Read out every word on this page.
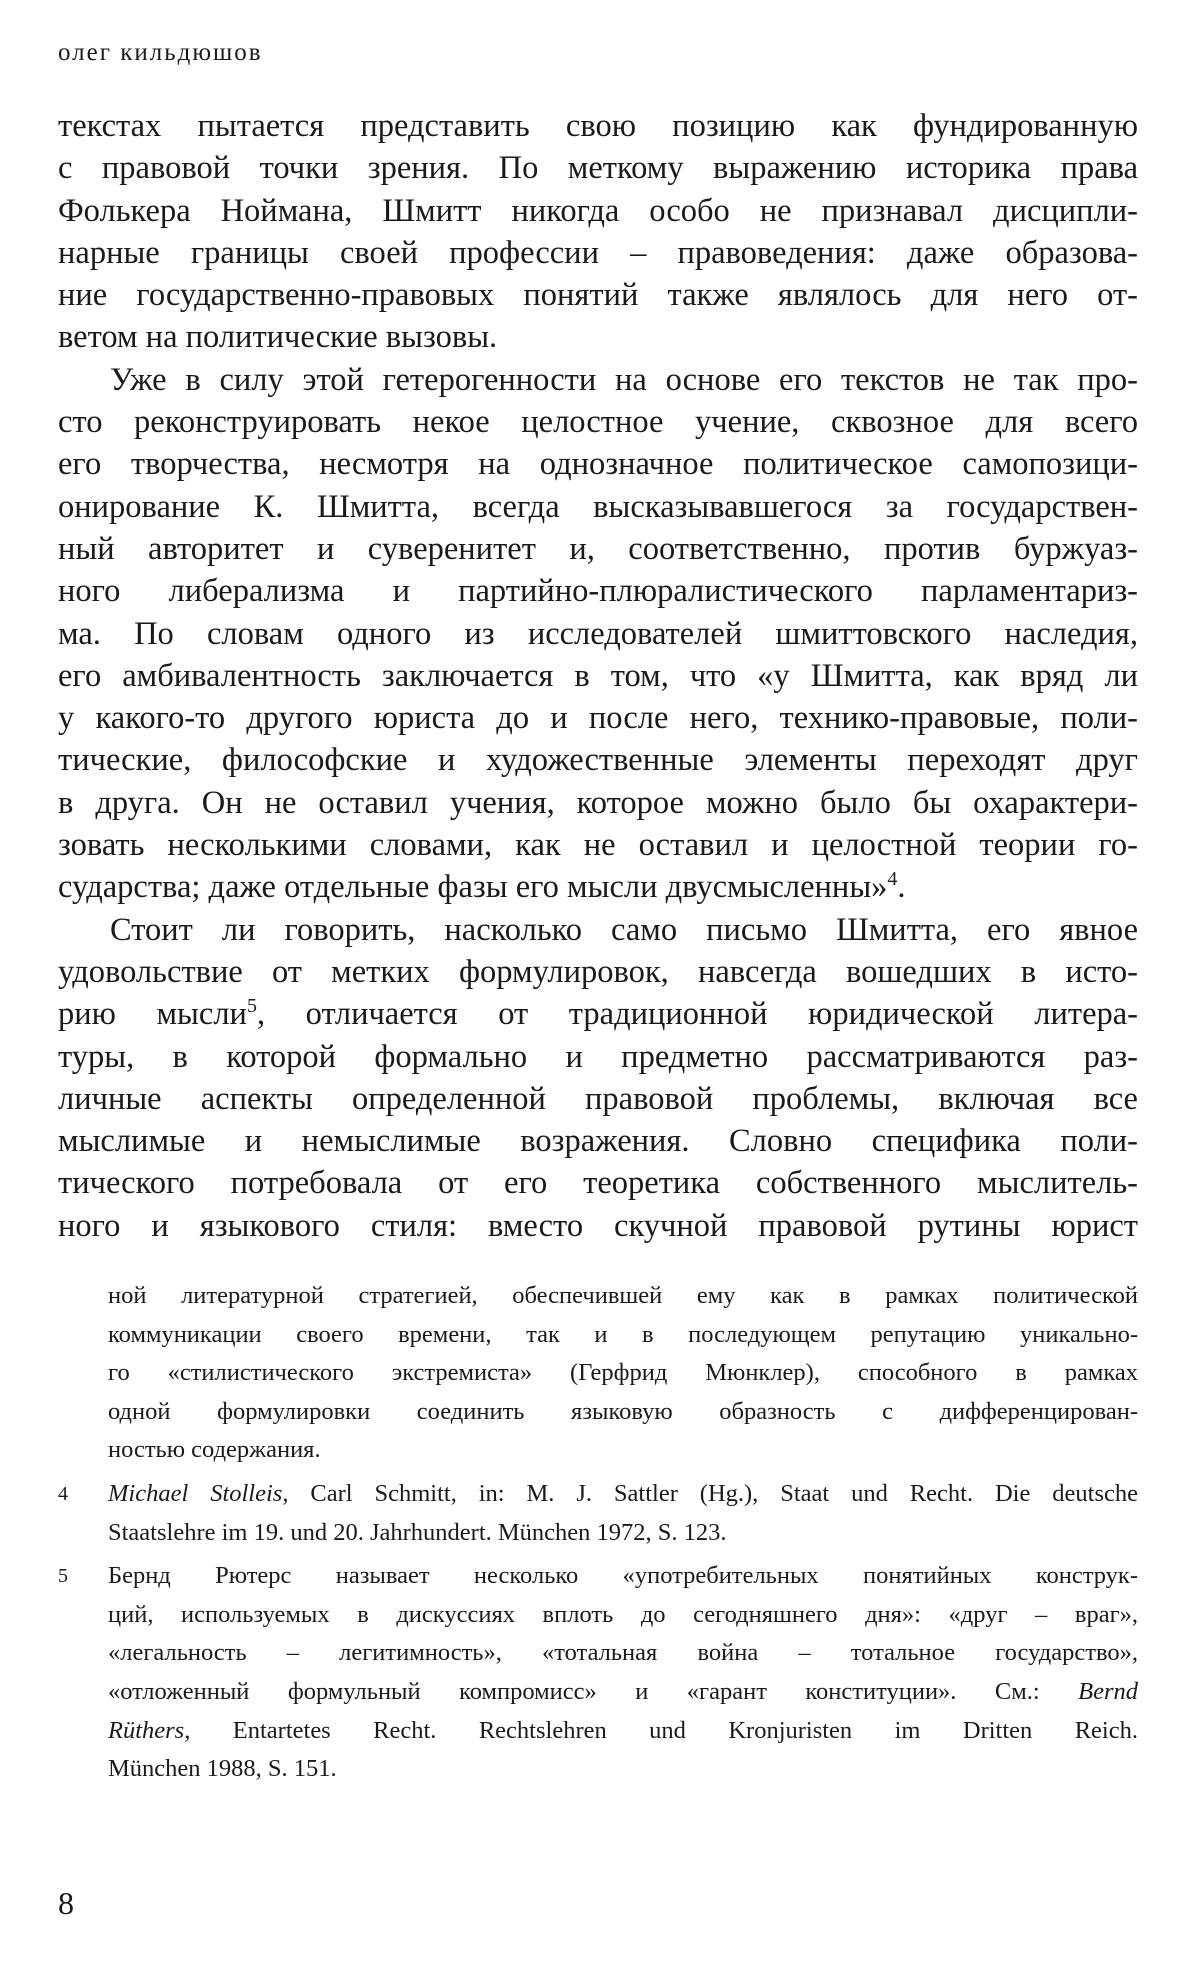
олег кильдюшов
текстах пытается представить свою позицию как фундированную
с правовой точки зрения. По меткому выражению историка права
Фолькера Ноймана, Шмитт никогда особо не признавал дисципли-
нарные границы своей профессии – правоведения: даже образова-
ние государственно-правовых понятий также являлось для него от-
ветом на политические вызовы.
Уже в силу этой гетерогенности на основе его текстов не так про-
сто реконструировать некое целостное учение, сквозное для всего
его творчества, несмотря на однозначное политическое самопозици-
онирование К. Шмитта, всегда высказывавшегося за государствен-
ный авторитет и суверенитет и, соответственно, против буржуаз-
ного либерализма и партийно-плюралистического парламентариз-
ма. По словам одного из исследователей шмиттовского наследия,
его амбивалентность заключается в том, что «у Шмитта, как вряд ли
у какого-то другого юриста до и после него, технико-правовые, поли-
тические, философские и художественные элементы переходят друг
в друга. Он не оставил учения, которое можно было бы охарактери-
зовать несколькими словами, как не оставил и целостной теории го-
сударства; даже отдельные фазы его мысли двусмысленны»$^4$.
Стоит ли говорить, насколько само письмо Шмитта, его явное
удовольствие от метких формулировок, навсегда вошедших в исто-
рию мысли$^5$, отличается от традиционной юридической литера-
туры, в которой формально и предметно рассматриваются раз-
личные аспекты определенной правовой проблемы, включая все
мыслимые и немыслимые возражения. Словно специфика поли-
тического потребовала от его теоретика собственного мыслитель-
ного и языкового стиля: вместо скучной правовой рутины юрист
ной литературной стратегией, обеспечившей ему как в рамках политической
коммуникации своего времени, так и в последующем репутацию уникально-
го «стилистического экстремиста» (Герфрид Мюнклер), способного в рамках
одной формулировки соединить языковую образность с дифференцирован-
ностью содержания.
4	Michael Stolleis, Carl Schmitt, in: M. J. Sattler (Hg.), Staat und Recht. Die deutsche
Staatslehre im 19. und 20. Jahrhundert. München 1972, S. 123.
5	Бернд Рютерс называет несколько «употребительных понятийных конструк-
ций, используемых в дискуссиях вплоть до сегодняшнего дня»: «друг – враг»,
«легальность – легитимность», «тотальная война – тотальное государство»,
«отложенный формульный компромисс» и «гарант конституции». См.: Bernd
Rüthers, Entartetes Recht. Rechtslehren und Kronjuristen im Dritten Reich.
München 1988, S. 151.
8
